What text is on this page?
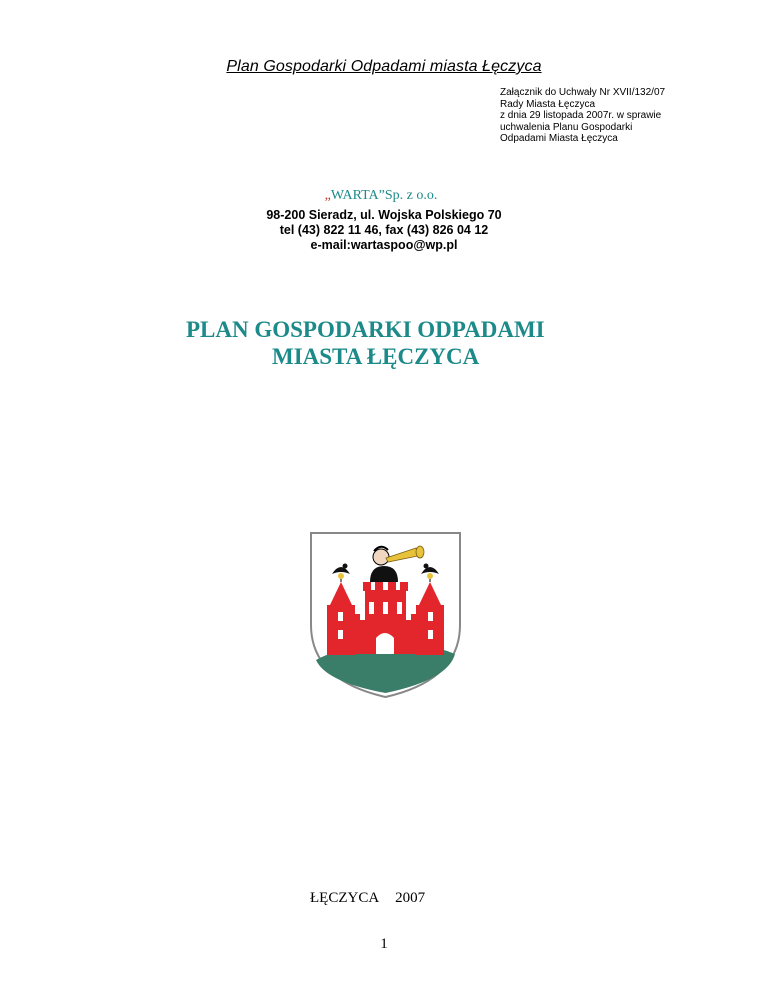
Plan Gospodarki Odpadami miasta Łęczyca
Załącznik do Uchwały Nr XVII/132/07
Rady Miasta Łęczyca
z dnia 29 listopada 2007r. w sprawie
uchwalenia Planu Gospodarki
Odpadami Miasta Łęczyca
„WARTA”Sp. z o.o.
98-200 Sieradz, ul. Wojska Polskiego 70
tel (43) 822 11 46, fax (43) 826 04 12
e-mail:wartaspoo@wp.pl
PLAN GOSPODARKI ODPADAMI
MIASTA ŁĘCZYCA
ŁĘCZYCA 2007
1
